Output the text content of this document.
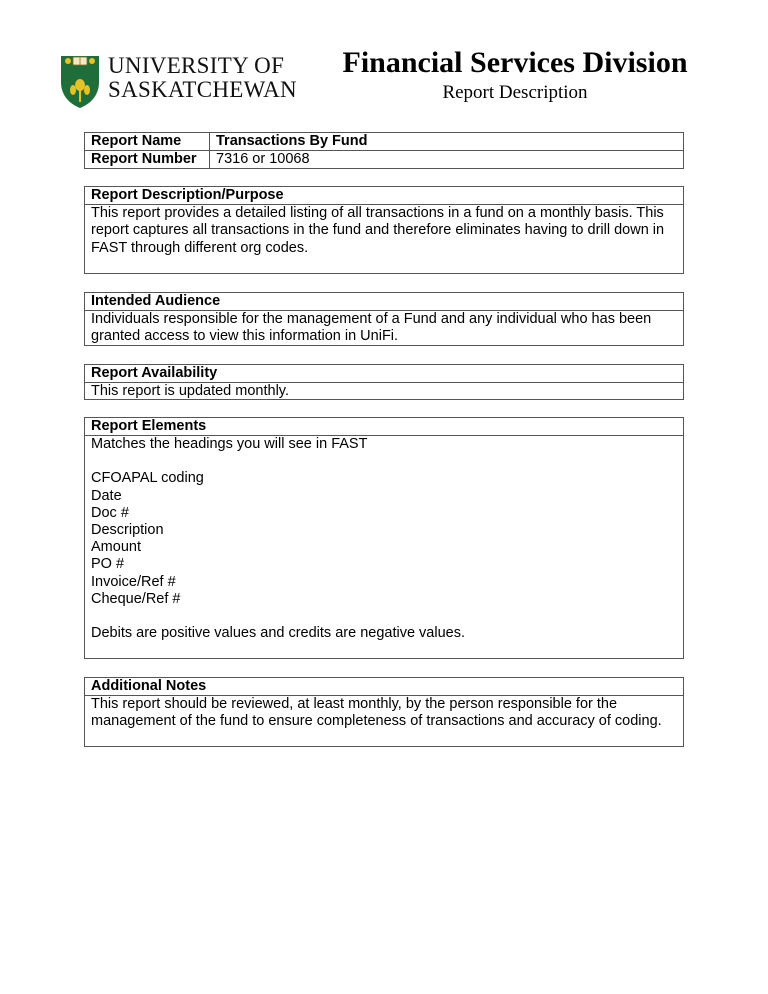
UNIVERSITY OF
SASKATCHEWAN
Financial Services Division
Report Description
Report Name	Transactions By Fund
Report Number	7316 or 10068
Report Description/Purpose
This report provides a detailed listing of all transactions in a fund on a monthly basis. This report captures all transactions in the fund and therefore eliminates having to drill down in FAST through different org codes.
Intended Audience
Individuals responsible for the management of a Fund and any individual who has been granted access to view this information in UniFi.
Report Availability
This report is updated monthly.
Report Elements
Matches the headings you will see in FAST
CFOAPAL coding
Date
Doc #
Description
Amount
PO #
Invoice/Ref #
Cheque/Ref #
Debits are positive values and credits are negative values.
Additional Notes
This report should be reviewed, at least monthly, by the person responsible for the management of the fund to ensure completeness of transactions and accuracy of coding.
